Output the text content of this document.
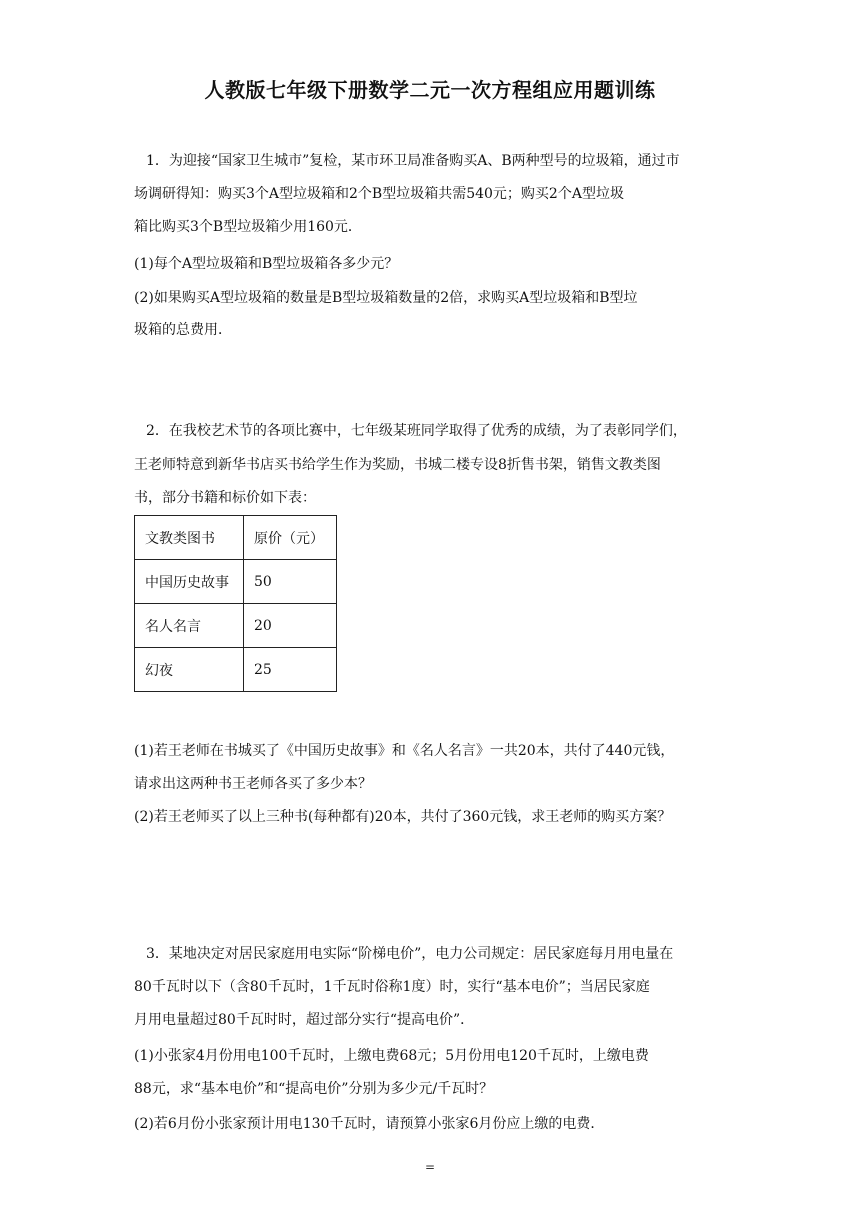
人教版七年级下册数学二元一次方程组应用题训练

1．为迎接“国家卫生城市”复检，某市环卫局准备购买A、B两种型号的垃圾箱，通过市

场调研得知：购买3个A型垃圾箱和2个B型垃圾箱共需540元；购买2个A型垃圾

箱比购买3个B型垃圾箱少用160元．

(1)每个A型垃圾箱和B型垃圾箱各多少元？

(2)如果购买A型垃圾箱的数量是B型垃圾箱数量的2倍，求购买A型垃圾箱和B型垃

圾箱的总费用．

2．在我校艺术节的各项比赛中，七年级某班同学取得了优秀的成绩，为了表彰同学们，

王老师特意到新华书店买书给学生作为奖励，书城二楼专设8折售书架，销售文教类图

书，部分书籍和标价如下表：

文教类图书	原价（元）
中国历史故事	50
名人名言	20
幻夜	25

(1)若王老师在书城买了《中国历史故事》和《名人名言》一共20本，共付了440元钱，

请求出这两种书王老师各买了多少本？

(2)若王老师买了以上三种书(每种都有)20本，共付了360元钱，求王老师的购买方案？

3．某地决定对居民家庭用电实际“阶梯电价”，电力公司规定：居民家庭每月用电量在

80千瓦时以下（含80千瓦时，1千瓦时俗称1度）时，实行“基本电价”；当居民家庭

月用电量超过80千瓦时时，超过部分实行“提高电价”．

(1)小张家4月份用电100千瓦时，上缴电费68元；5月份用电120千瓦时，上缴电费

88元，求“基本电价”和“提高电价”分别为多少元/千瓦时？

(2)若6月份小张家预计用电130千瓦时，请预算小张家6月份应上缴的电费．

=
